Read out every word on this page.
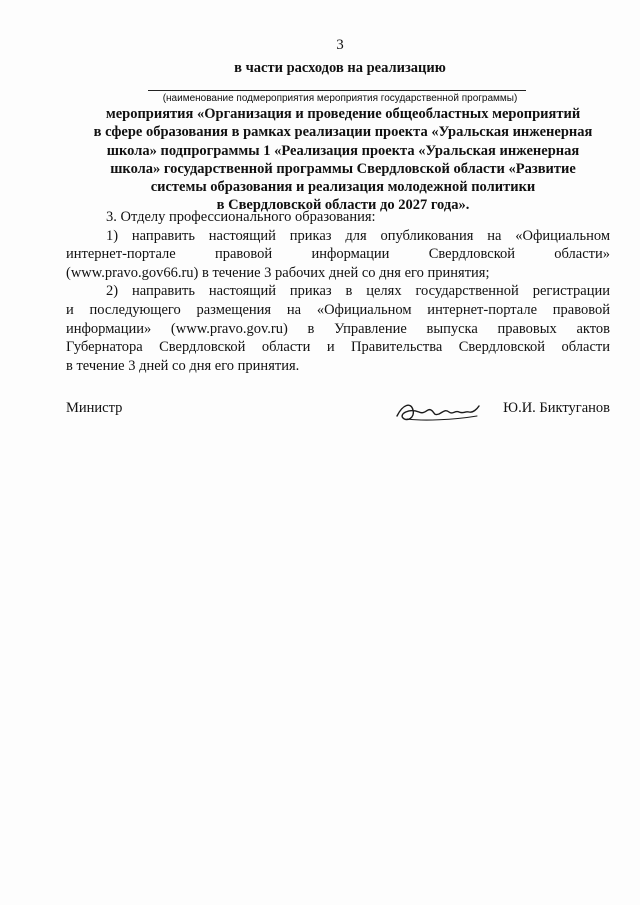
3
в части расходов на реализацию
(наименование подмероприятия мероприятия государственной программы)
мероприятия «Организация и проведение общеобластных мероприятий
в сфере образования в рамках реализации проекта «Уральская инженерная
школа» подпрограммы 1 «Реализация проекта «Уральская инженерная
школа» государственной программы Свердловской области «Развитие
системы образования и реализация молодежной политики
в Свердловской области до 2027 года».
3. Отделу профессионального образования:
1) направить настоящий приказ для опубликования на «Официальном
интернет-портале правовой информации Свердловской области»
(www.pravo.gov66.ru) в течение 3 рабочих дней со дня его принятия;
2) направить настоящий приказ в целях государственной регистрации
и последующего размещения на «Официальном интернет-портале правовой
информации» (www.pravo.gov.ru) в Управление выпуска правовых актов
Губернатора Свердловской области и Правительства Свердловской области
в течение 3 дней со дня его принятия.
Министр	Ю.И. Биктуганов
